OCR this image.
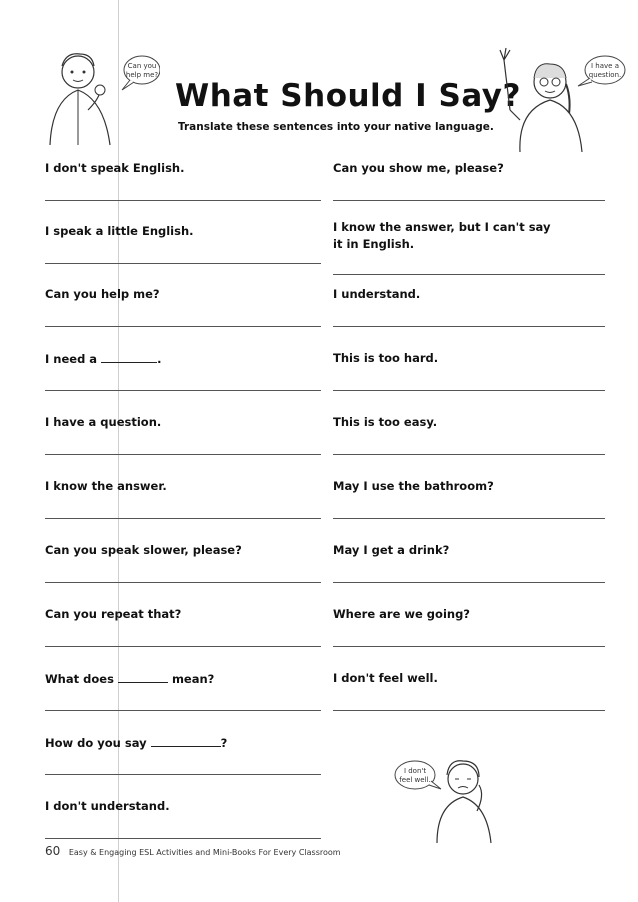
Can you
help me?
What Should I Say?
Translate these sentences into your native language.
I have a
question.
I don't speak English.
I speak a little English.
Can you help me?
I need a	.
I have a question.
I know the answer.
Can you speak slower, please?
Can you repeat that?
What does	mean?
How do you say	?
I don't understand.
Can you show me, please?
I know the answer, but I can't say
it in English.
I understand.
This is too hard.
This is too easy.
May I use the bathroom?
May I get a drink?
Where are we going?
I don't feel well.
I don't
feel well.
60 Easy & Engaging ESL Activities and Mini-Books For Every Classroom
